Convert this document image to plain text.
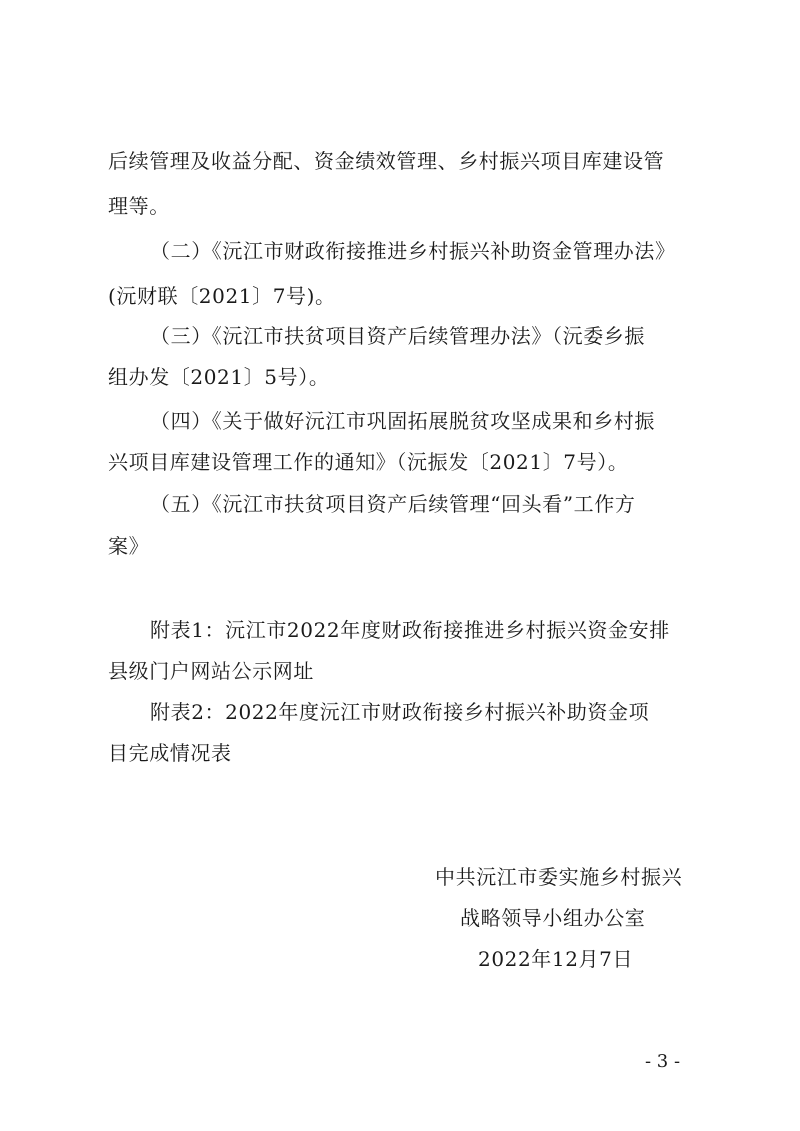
后续管理及收益分配、资金绩效管理、乡村振兴项目库建设管
理等。
（二）《沅江市财政衔接推进乡村振兴补助资金管理办法》
(沅财联〔2021〕7号)。
（三）《沅江市扶贫项目资产后续管理办法》（沅委乡振
组办发〔2021〕5号）。
（四）《关于做好沅江市巩固拓展脱贫攻坚成果和乡村振
兴项目库建设管理工作的通知》（沅振发〔2021〕7号）。
（五）《沅江市扶贫项目资产后续管理“回头看”工作方
案》
附表1：沅江市2022年度财政衔接推进乡村振兴资金安排
县级门户网站公示网址
附表2：2022年度沅江市财政衔接乡村振兴补助资金项
目完成情况表
中共沅江市委实施乡村振兴
战略领导小组办公室
2022年12月7日
- 3 -
